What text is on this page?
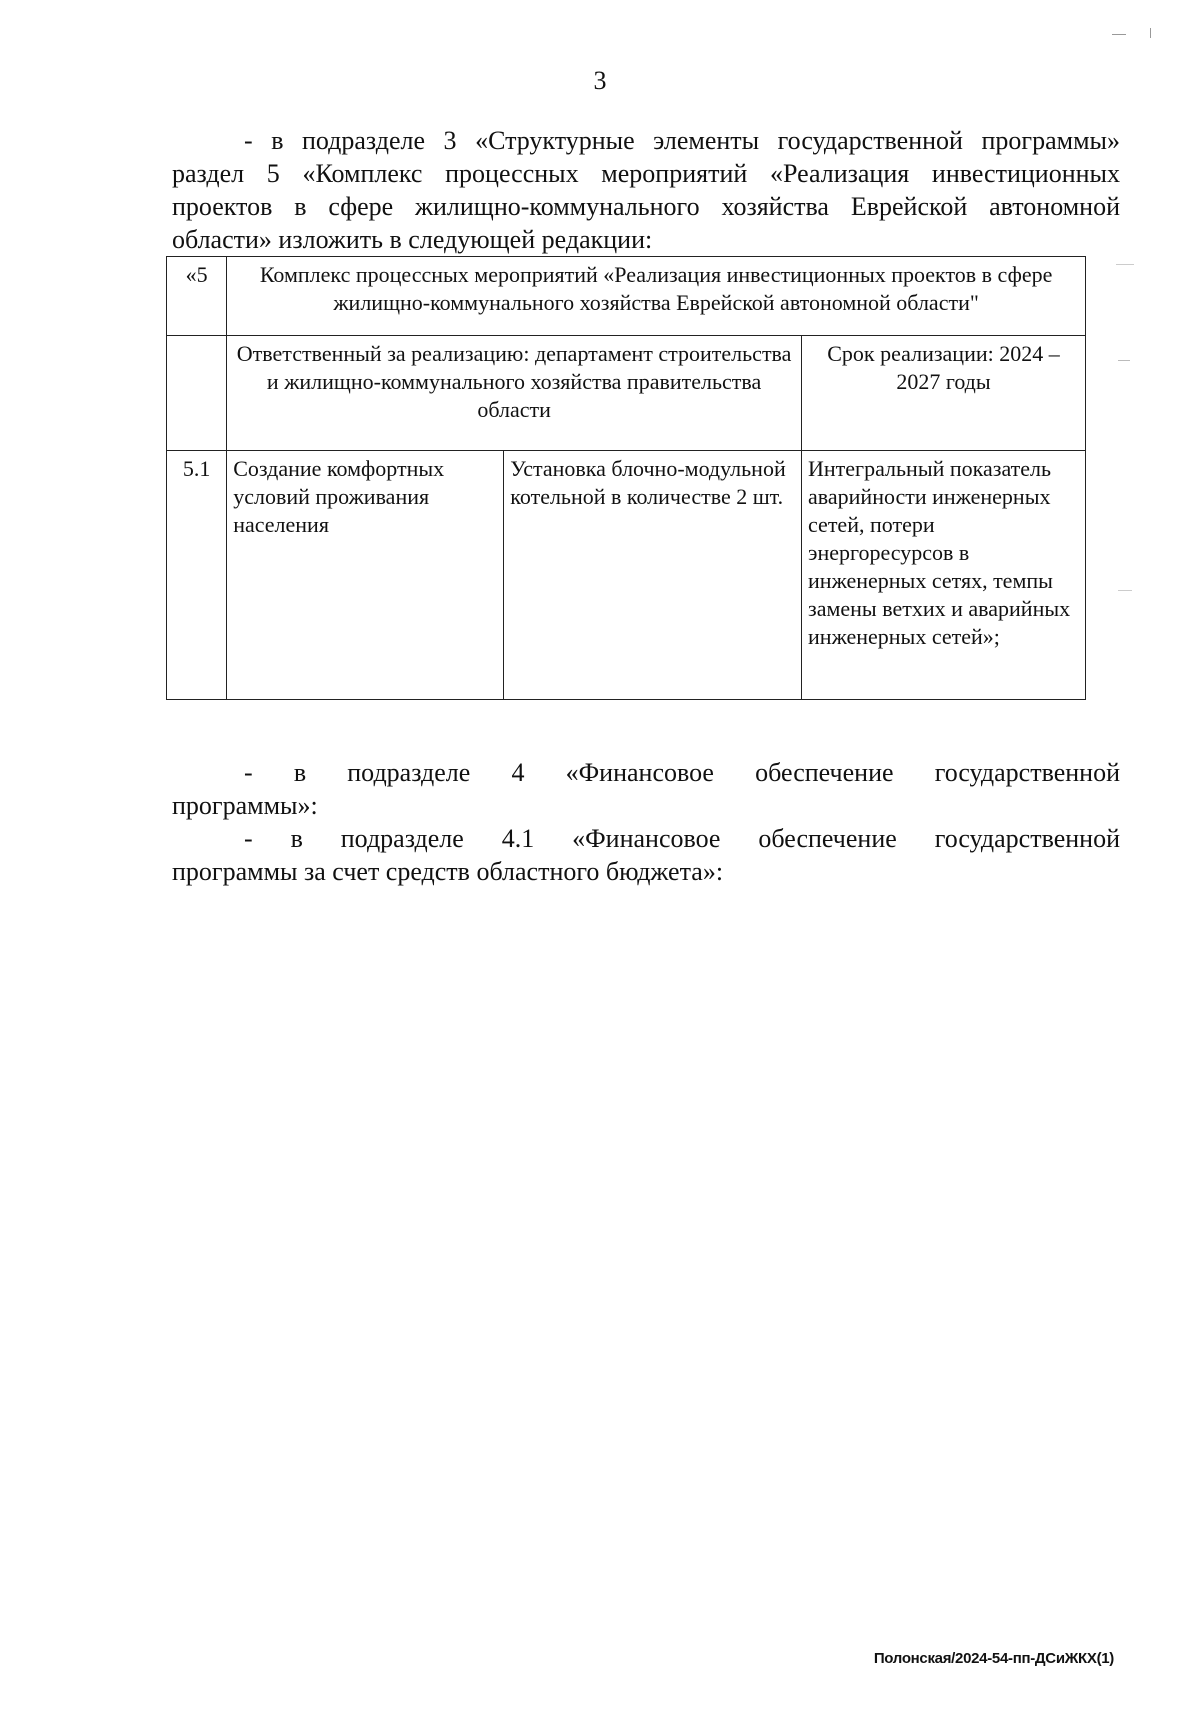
3
- в подразделе 3 «Структурные элементы государственной программы»
раздел 5 «Комплекс процессных мероприятий «Реализация инвестиционных
проектов в сфере жилищно-коммунального хозяйства Еврейской автономной
области» изложить в следующей редакции:
«5	Комплекс процессных мероприятий «Реализация инвестиционных проектов в сфере жилищно-коммунального хозяйства Еврейской автономной области"		
	Ответственный за реализацию: департамент строительства и жилищно-коммунального хозяйства правительства области		Срок реализации: 2024 – 2027 годы
5.1	Создание комфортных условий проживания населения	Установка блочно-модульной котельной в количестве 2 шт.	Интегральный показатель аварийности инженерных сетей, потери энергоресурсов в инженерных сетях, темпы замены ветхих и аварийных инженерных сетей»;
- в подразделе 4 «Финансовое обеспечение государственной
программы»:
- в подразделе 4.1 «Финансовое обеспечение государственной
программы за счет средств областного бюджета»:
Полонская/2024-54-пп-ДСиЖКХ(1)
